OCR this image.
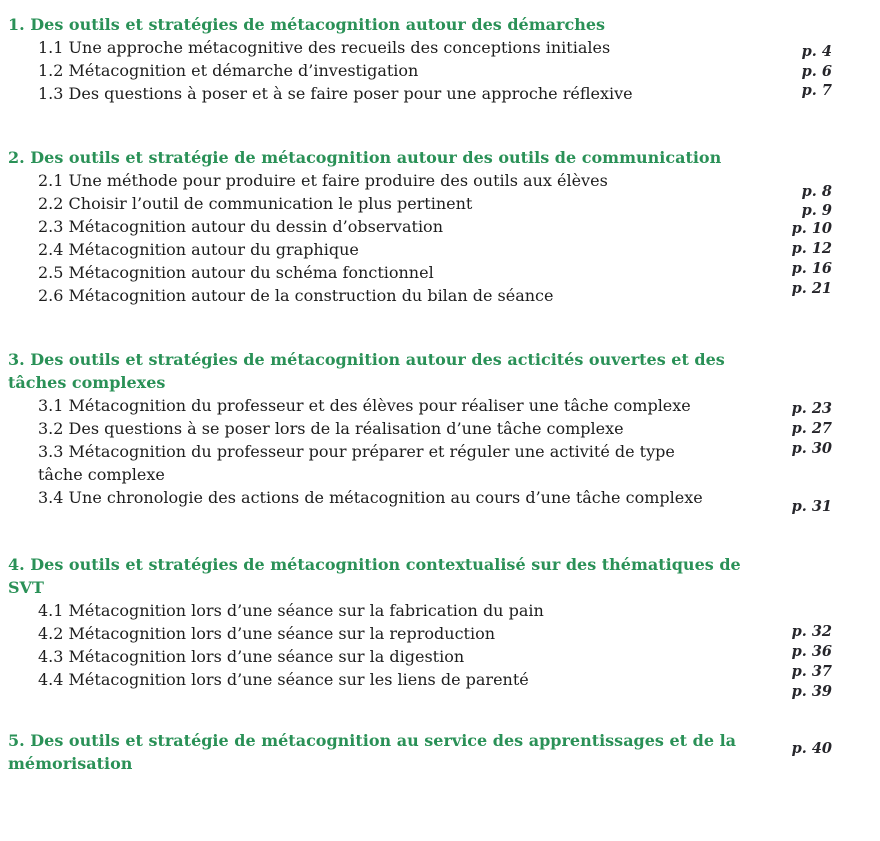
1. Des outils et stratégies de métacognition autour des démarches
1.1 Une approche métacognitive des recueils des conceptions initiales
1.2 Métacognition et démarche d’investigation
1.3 Des questions à poser et à se faire poser pour une approche réflexive
2. Des outils et stratégie de métacognition autour des outils de communication
2.1 Une méthode pour produire et faire produire des outils aux élèves
2.2 Choisir l’outil de communication le plus pertinent
2.3 Métacognition autour du dessin d’observation
2.4 Métacognition autour du graphique
2.5 Métacognition autour du schéma fonctionnel
2.6 Métacognition autour de la construction du bilan de séance
3. Des outils et stratégies de métacognition autour des acticités ouvertes et des
tâches complexes
3.1 Métacognition du professeur et des élèves pour réaliser une tâche complexe
3.2 Des questions à se poser lors de la réalisation d’une tâche complexe
3.3 Métacognition du professeur pour préparer et réguler une activité de type
tâche complexe
3.4 Une chronologie des actions de métacognition au cours d’une tâche complexe
4. Des outils et stratégies de métacognition contextualisé sur des thématiques de
SVT
4.1 Métacognition lors d’une séance sur la fabrication du pain
4.2 Métacognition lors d’une séance sur la reproduction
4.3 Métacognition lors d’une séance sur la digestion
4.4 Métacognition lors d’une séance sur les liens de parenté
5. Des outils et stratégie de métacognition au service des apprentissages et de la
mémorisation
p. 4
p. 6
p. 7
p. 8
p. 9
p. 10
p. 12
p. 16
p. 21
p. 23
p. 27
p. 30
p. 31
p. 32
p. 36
p. 37
p. 39
p. 40
